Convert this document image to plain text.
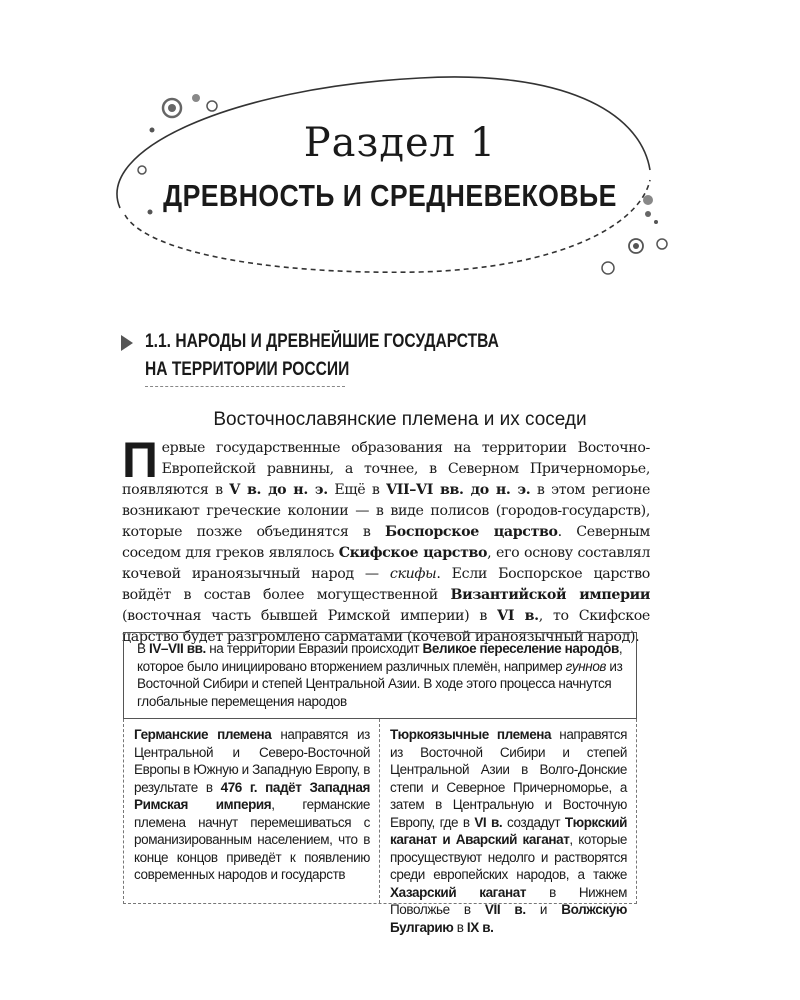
Раздел 1
ДРЕВНОСТЬ И СРЕДНЕВЕКОВЬЕ
1.1. НАРОДЫ И ДРЕВНЕЙШИЕ ГОСУДАРСТВА
НА ТЕРРИТОРИИ РОССИИ
Восточнославянские племена и их соседи
Первые государственные образования на территории Восточно-Европейской равнины, а точнее, в Северном Причерноморье, появляются в V в. до н. э. Ещё в VII–VI вв. до н. э. в этом регионе возникают греческие колонии — в виде полисов (городов-государств), которые позже объединятся в Боспорское царство. Северным соседом для греков являлось Скифское царство, его основу составлял кочевой ираноязычный народ — скифы. Если Боспорское царство войдёт в состав более могущественной Византийской империи (восточная часть бывшей Римской империи) в VI в., то Скифское царство будет разгромлено сарматами (кочевой ираноязычный народ).
В IV–VII вв. на территории Евразии происходит Великое переселение народов, которое было инициировано вторжением различных племён, например гуннов из Восточной Сибири и степей Центральной Азии. В ходе этого процесса начнутся глобальные перемещения народов
Германские племена направятся из Центральной и Северо-Восточной Европы в Южную и Западную Европу, в результате в 476 г. падёт Западная Римская империя, германские племена начнут перемешиваться с романизированным населением, что в конце концов приведёт к появлению современных народов и государств
Тюркоязычные племена направятся из Восточной Сибири и степей Центральной Азии в Волго-Донские степи и Северное Причерноморье, а затем в Центральную и Восточную Европу, где в VI в. создадут Тюркский каганат и Аварский каганат, которые просуществуют недолго и растворятся среди европейских народов, а также Хазарский каганат в Нижнем Поволжье в VII в. и Волжскую Булгарию в IX в.
